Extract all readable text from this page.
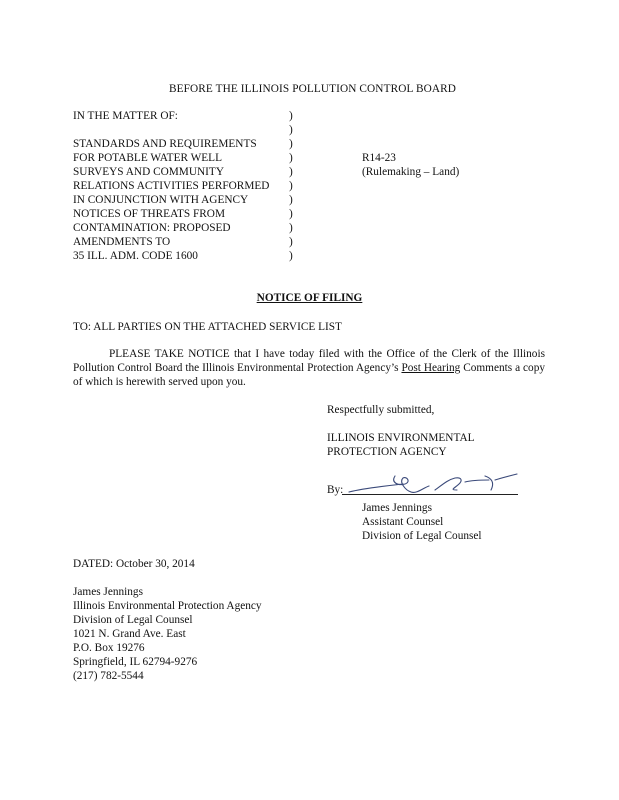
BEFORE THE ILLINOIS POLLUTION CONTROL BOARD
IN THE MATTER OF:
STANDARDS AND REQUIREMENTS
FOR POTABLE WATER WELL
SURVEYS AND COMMUNITY
RELATIONS ACTIVITIES PERFORMED
IN CONJUNCTION WITH AGENCY
NOTICES OF THREATS FROM
CONTAMINATION: PROPOSED
AMENDMENTS TO
35 ILL. ADM. CODE 1600
)
)
)
)
)
)
)
)
)
)
)
R14-23
(Rulemaking – Land)
NOTICE OF FILING
TO: ALL PARTIES ON THE ATTACHED SERVICE LIST
PLEASE TAKE NOTICE that I have today filed with the Office of the Clerk of the Illinois Pollution Control Board the Illinois Environmental Protection Agency’s Post Hearing Comments a copy of which is herewith served upon you.
Respectfully submitted,
ILLINOIS ENVIRONMENTAL
PROTECTION AGENCY
By:
James Jennings
Assistant Counsel
Division of Legal Counsel
DATED: October 30, 2014
James Jennings
Illinois Environmental Protection Agency
Division of Legal Counsel
1021 N. Grand Ave. East
P.O. Box 19276
Springfield, IL 62794-9276
(217) 782-5544
